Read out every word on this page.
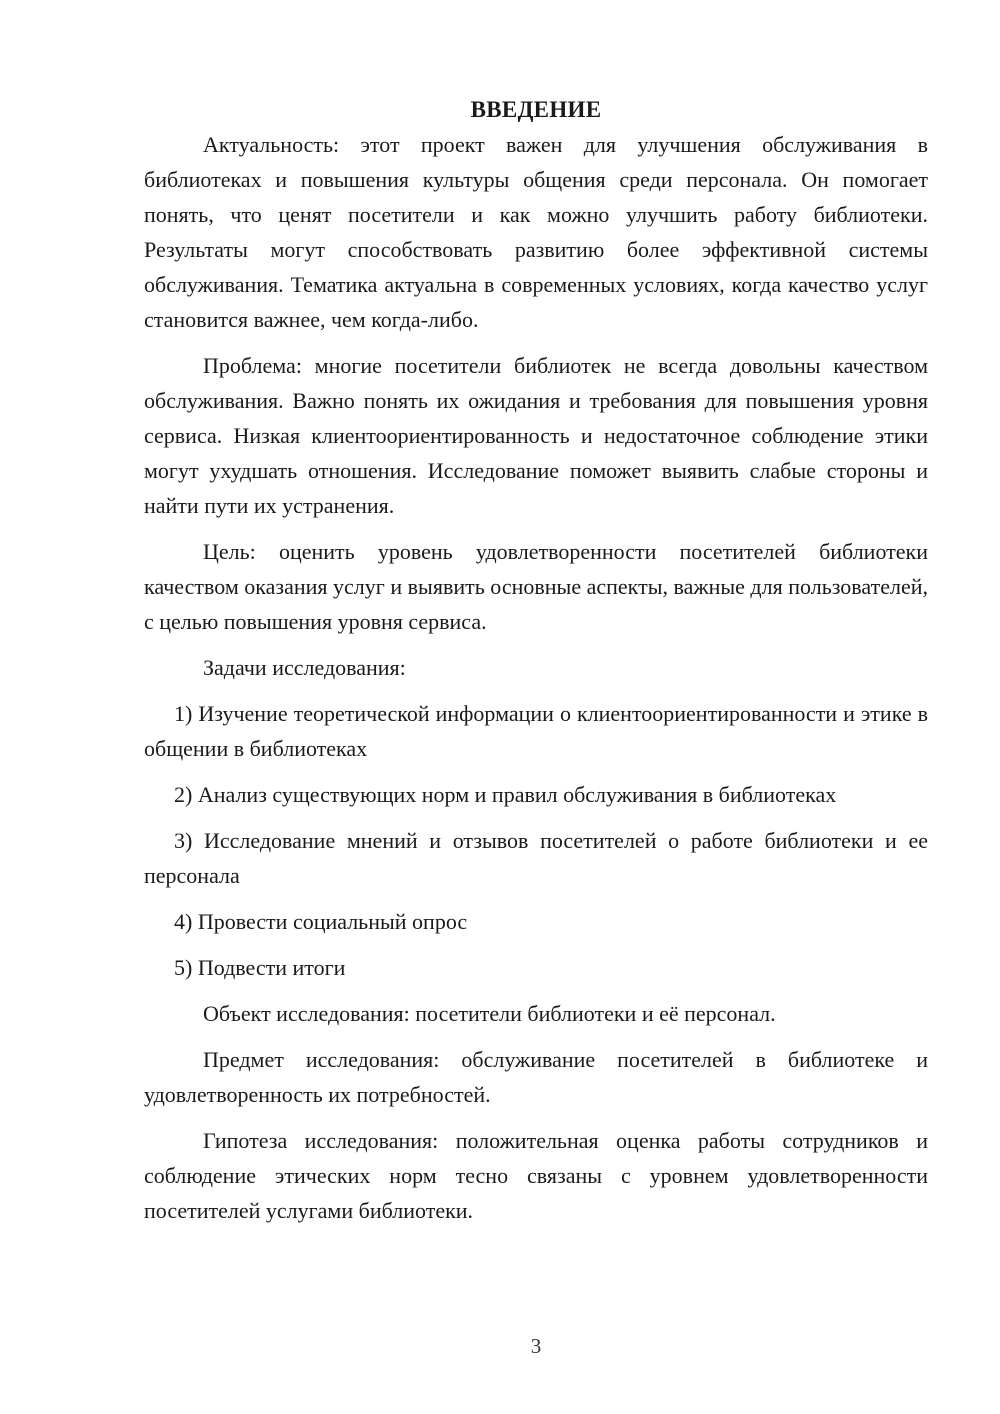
ВВЕДЕНИЕ

Актуальность: этот проект важен для улучшения обслуживания в библиотеках и повышения культуры общения среди персонала. Он помогает понять, что ценят посетители и как можно улучшить работу библиотеки. Результаты могут способствовать развитию более эффективной системы обслуживания. Тематика актуальна в современных условиях, когда качество услуг становится важнее, чем когда-либо.

Проблема: многие посетители библиотек не всегда довольны качеством обслуживания. Важно понять их ожидания и требования для повышения уровня сервиса. Низкая клиентоориентированность и недостаточное соблюдение этики могут ухудшать отношения. Исследование поможет выявить слабые стороны и найти пути их устранения.

Цель: оценить уровень удовлетворенности посетителей библиотеки качеством оказания услуг и выявить основные аспекты, важные для пользователей, с целью повышения уровня сервиса.

Задачи исследования:

1) Изучение теоретической информации о клиентоориентированности и этике в общении в библиотеках

2) Анализ существующих норм и правил обслуживания в библиотеках

3) Исследование мнений и отзывов посетителей о работе библиотеки и ее персонала

4) Провести социальный опрос

5) Подвести итоги

Объект исследования: посетители библиотеки и её персонал.

Предмет исследования: обслуживание посетителей в библиотеке и удовлетворенность их потребностей.

Гипотеза исследования: положительная оценка работы сотрудников и соблюдение этических норм тесно связаны с уровнем удовлетворенности посетителей услугами библиотеки.

3
